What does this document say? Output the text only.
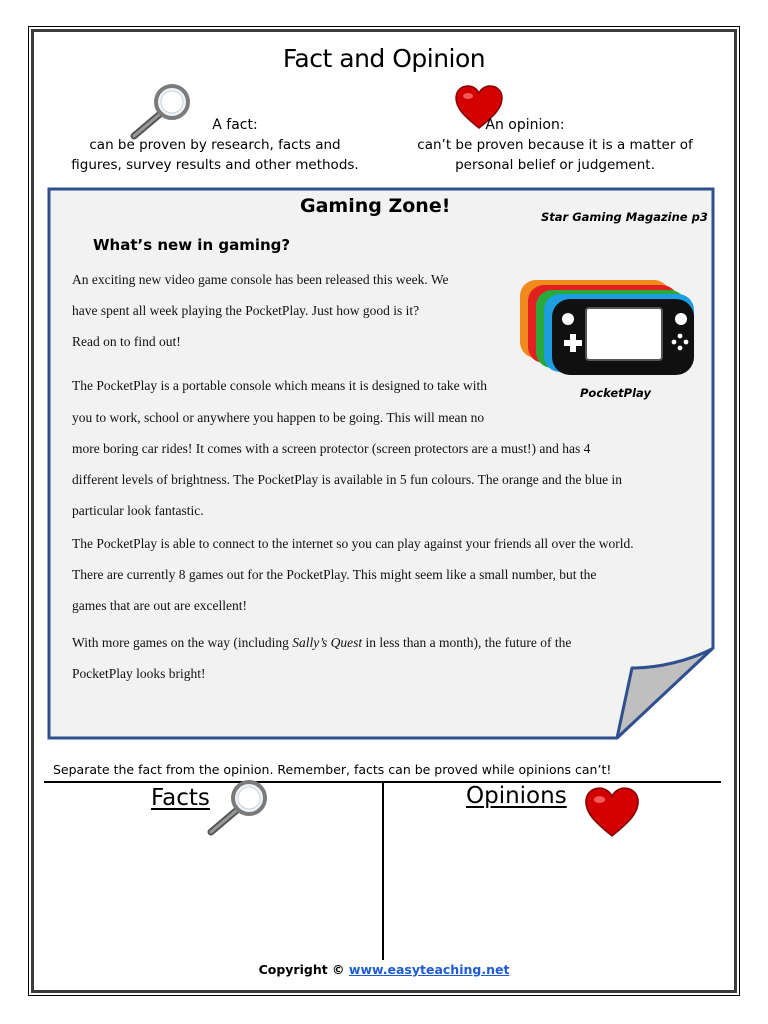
Fact and Opinion
A fact:
can be proven by research, facts and
figures, survey results and other methods.
An opinion:
can’t be proven because it is a matter of
personal belief or judgement.
Gaming Zone!	Star Gaming Magazine p3
What’s new in gaming?
An exciting new video game console has been released this week. We
have spent all week playing the PocketPlay. Just how good is it?
Read on to find out!
The PocketPlay is a portable console which means it is designed to take with
you to work, school or anywhere you happen to be going. This will mean no
more boring car rides! It comes with a screen protector (screen protectors are a must!) and has 4
different levels of brightness. The PocketPlay is available in 5 fun colours. The orange and the blue in
particular look fantastic.
The PocketPlay is able to connect to the internet so you can play against your friends all over the world.
There are currently 8 games out for the PocketPlay. This might seem like a small number, but the
games that are out are excellent!
With more games on the way (including Sally’s Quest in less than a month), the future of the
PocketPlay looks bright!
PocketPlay
Separate the fact from the opinion. Remember, facts can be proved while opinions can’t!
Facts	Opinions
Copyright © www.easyteaching.net
